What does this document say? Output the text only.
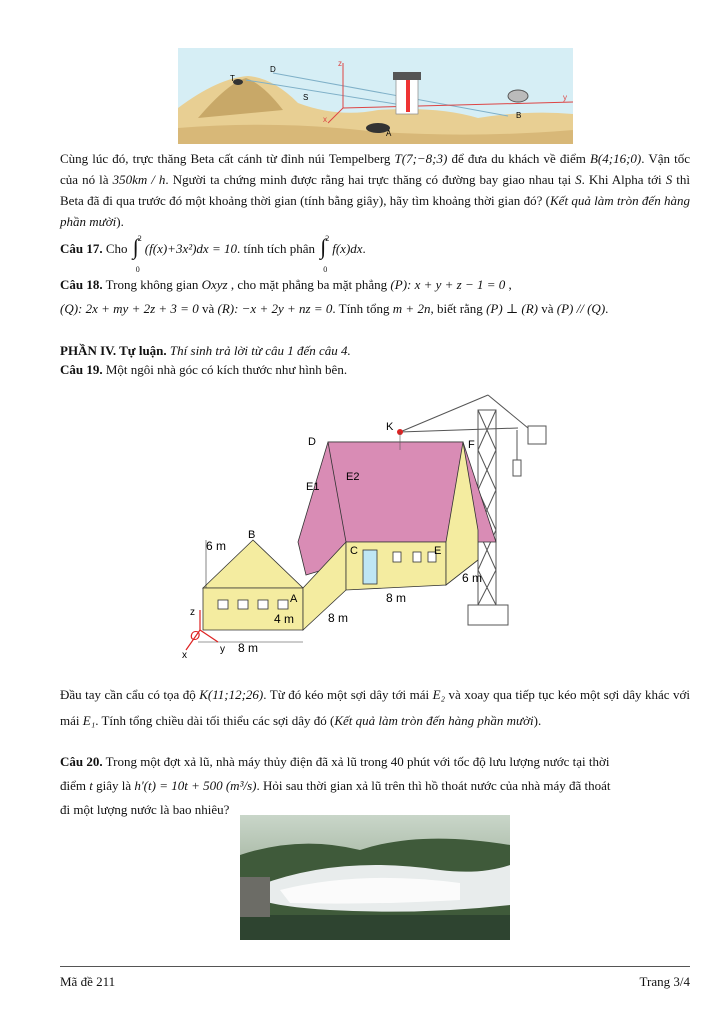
T
D
S
z
y
x
A
B
Cùng lúc đó, trực thăng Beta cất cánh từ đỉnh núi Tempelberg T(7;−8;3) để đưa du khách về điểm B(4;16;0). Vận tốc của nó là 350km / h. Người ta chứng minh được rằng hai trực thăng có đường bay giao nhau tại S. Khi Alpha tới S thì Beta đã đi qua trước đó một khoảng thời gian (tính bằng giây), hãy tìm khoảng thời gian đó? (Kết quả làm tròn đến hàng phần mười).
Câu 17. Cho
2
∫
0
(f(x)+3x²)dx = 10. tính tích phân
2
∫
0
f(x)dx.
Câu 18. Trong không gian Oxyz , cho mặt phẳng ba mặt phẳng (P): x + y + z − 1 = 0 ,
(Q): 2x + my + 2z + 3 = 0 và (R): −x + 2y + nz = 0. Tính tổng m + 2n, biết rằng (P) ⊥ (R) và (P) // (Q).
PHẦN IV. Tự luận. Thí sinh trả lời từ câu 1 đến câu 4.
Câu 19. Một ngôi nhà góc có kích thước như hình bên.
K
D	F
E1
E2
B
C	E
A
O
x
y
z
6 m
4 m	8 m
8 m
6 m
8 m
Đầu tay cần cẩu có tọa độ K(11;12;26). Từ đó kéo một sợi dây tới mái E₂ và xoay qua tiếp tục kéo một sợi dây khác với mái E₁. Tính tổng chiều dài tối thiểu các sợi dây đó (Kết quả làm tròn đến hàng phần mười).
Câu 20. Trong một đợt xả lũ, nhà máy thủy điện đã xả lũ trong 40 phút với tốc độ lưu lượng nước tại thời
điểm t giây là h'(t) = 10t + 500 (m³/s). Hỏi sau thời gian xả lũ trên thì hồ thoát nước của nhà máy đã thoát
đi một lượng nước là bao nhiêu?
Mã đề 211	Trang 3/4
